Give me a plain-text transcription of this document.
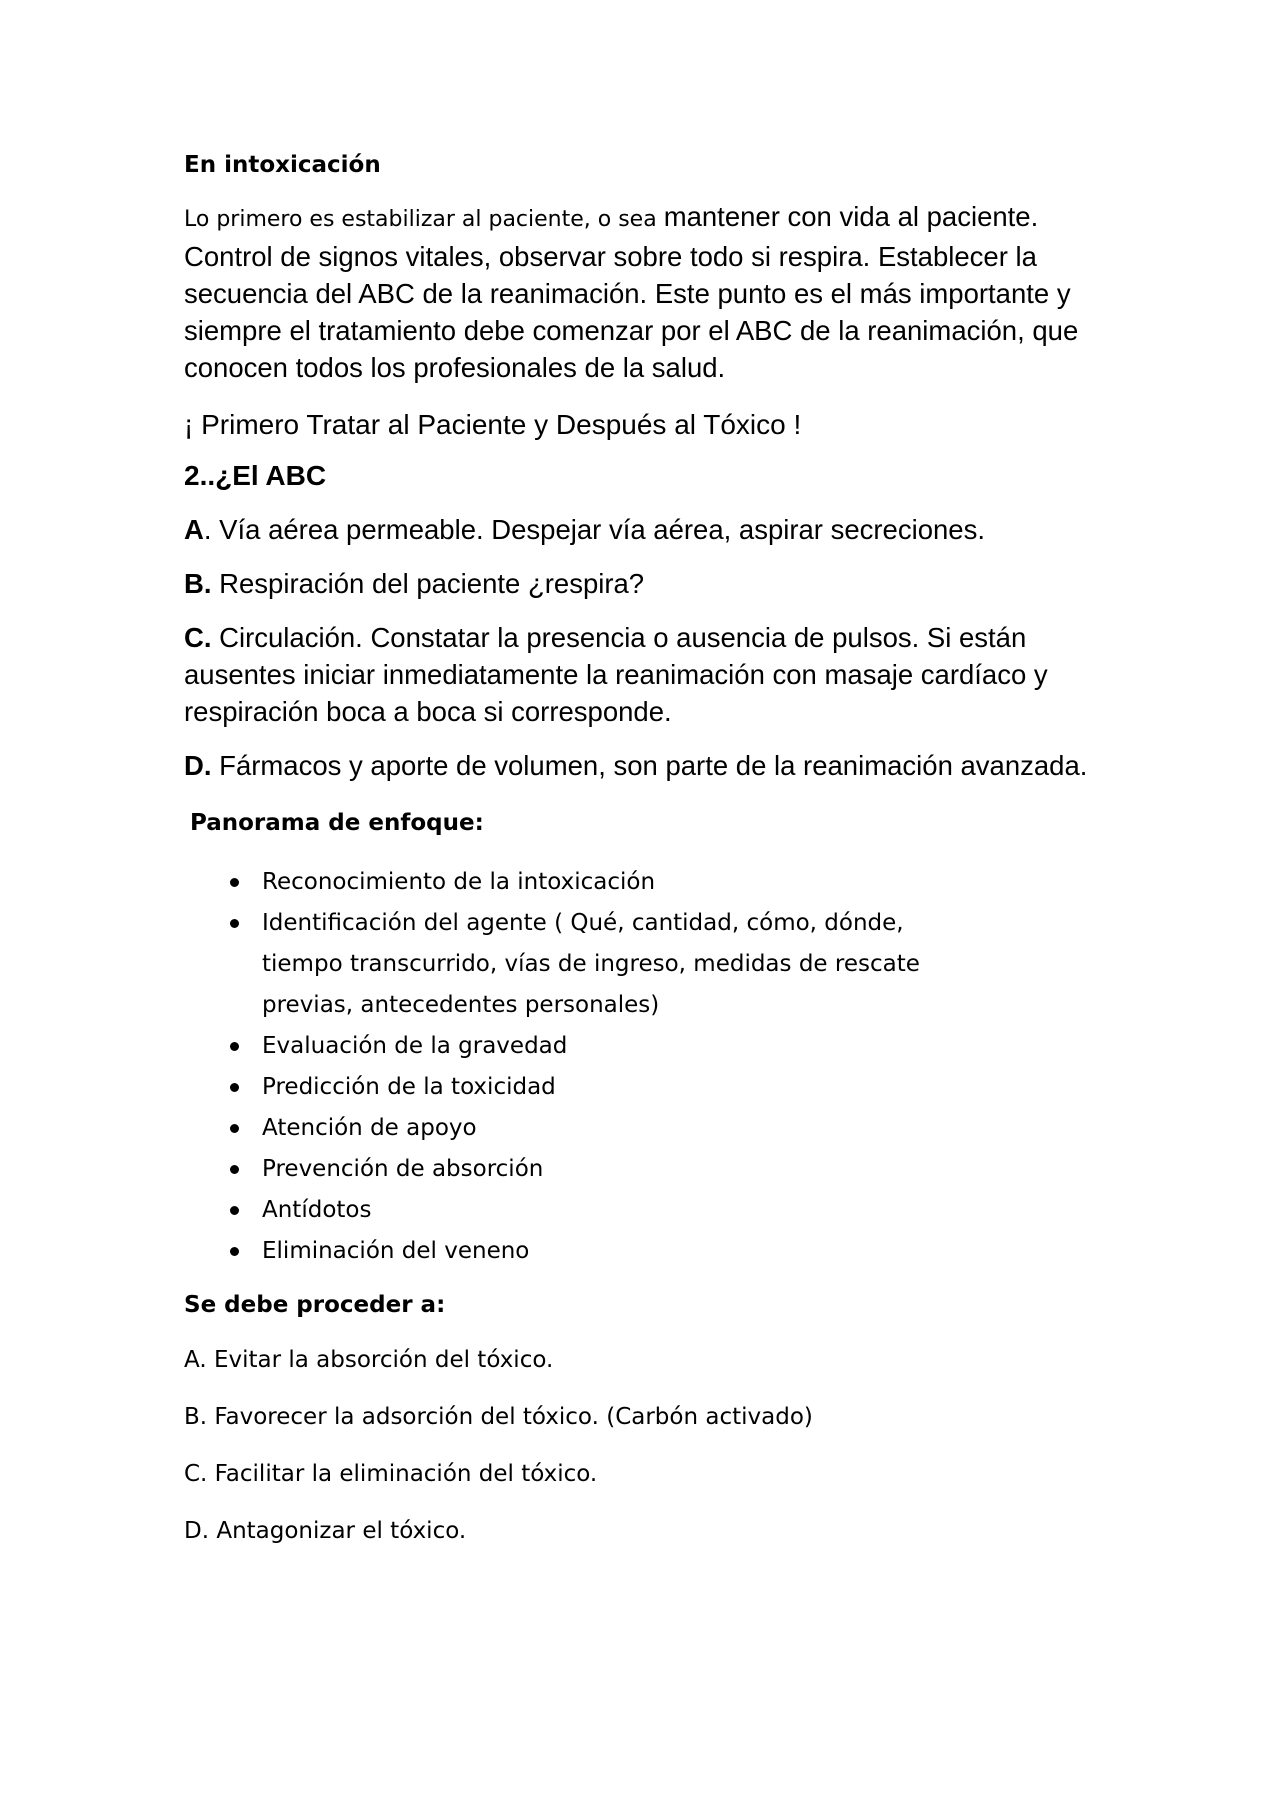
En intoxicación

Lo primero es estabilizar al paciente, o sea mantener con vida al paciente. Control de signos vitales, observar sobre todo si respira. Establecer la secuencia del ABC de la reanimación. Este punto es el más importante y siempre el tratamiento debe comenzar por el ABC de la reanimación, que conocen todos los profesionales de la salud.

¡ Primero Tratar al Paciente y Después al Tóxico !

2..¿El ABC

A. Vía aérea permeable. Despejar vía aérea, aspirar secreciones.

B. Respiración del paciente ¿respira?

C. Circulación. Constatar la presencia o ausencia de pulsos. Si están ausentes iniciar inmediatamente la reanimación con masaje cardíaco y respiración boca a boca si corresponde.

D. Fármacos y aporte de volumen, son parte de la reanimación avanzada.

Panorama de enfoque:

Reconocimiento de la intoxicación
Identificación del agente ( Qué, cantidad, cómo, dónde, tiempo transcurrido, vías de ingreso, medidas de rescate previas, antecedentes personales)
Evaluación de la gravedad
Predicción de la toxicidad
Atención de apoyo
Prevención de absorción
Antídotos
Eliminación del veneno

Se debe proceder a:

A. Evitar la absorción del tóxico.

B. Favorecer la adsorción del tóxico. (Carbón activado)

C. Facilitar la eliminación del tóxico.

D. Antagonizar el tóxico.
